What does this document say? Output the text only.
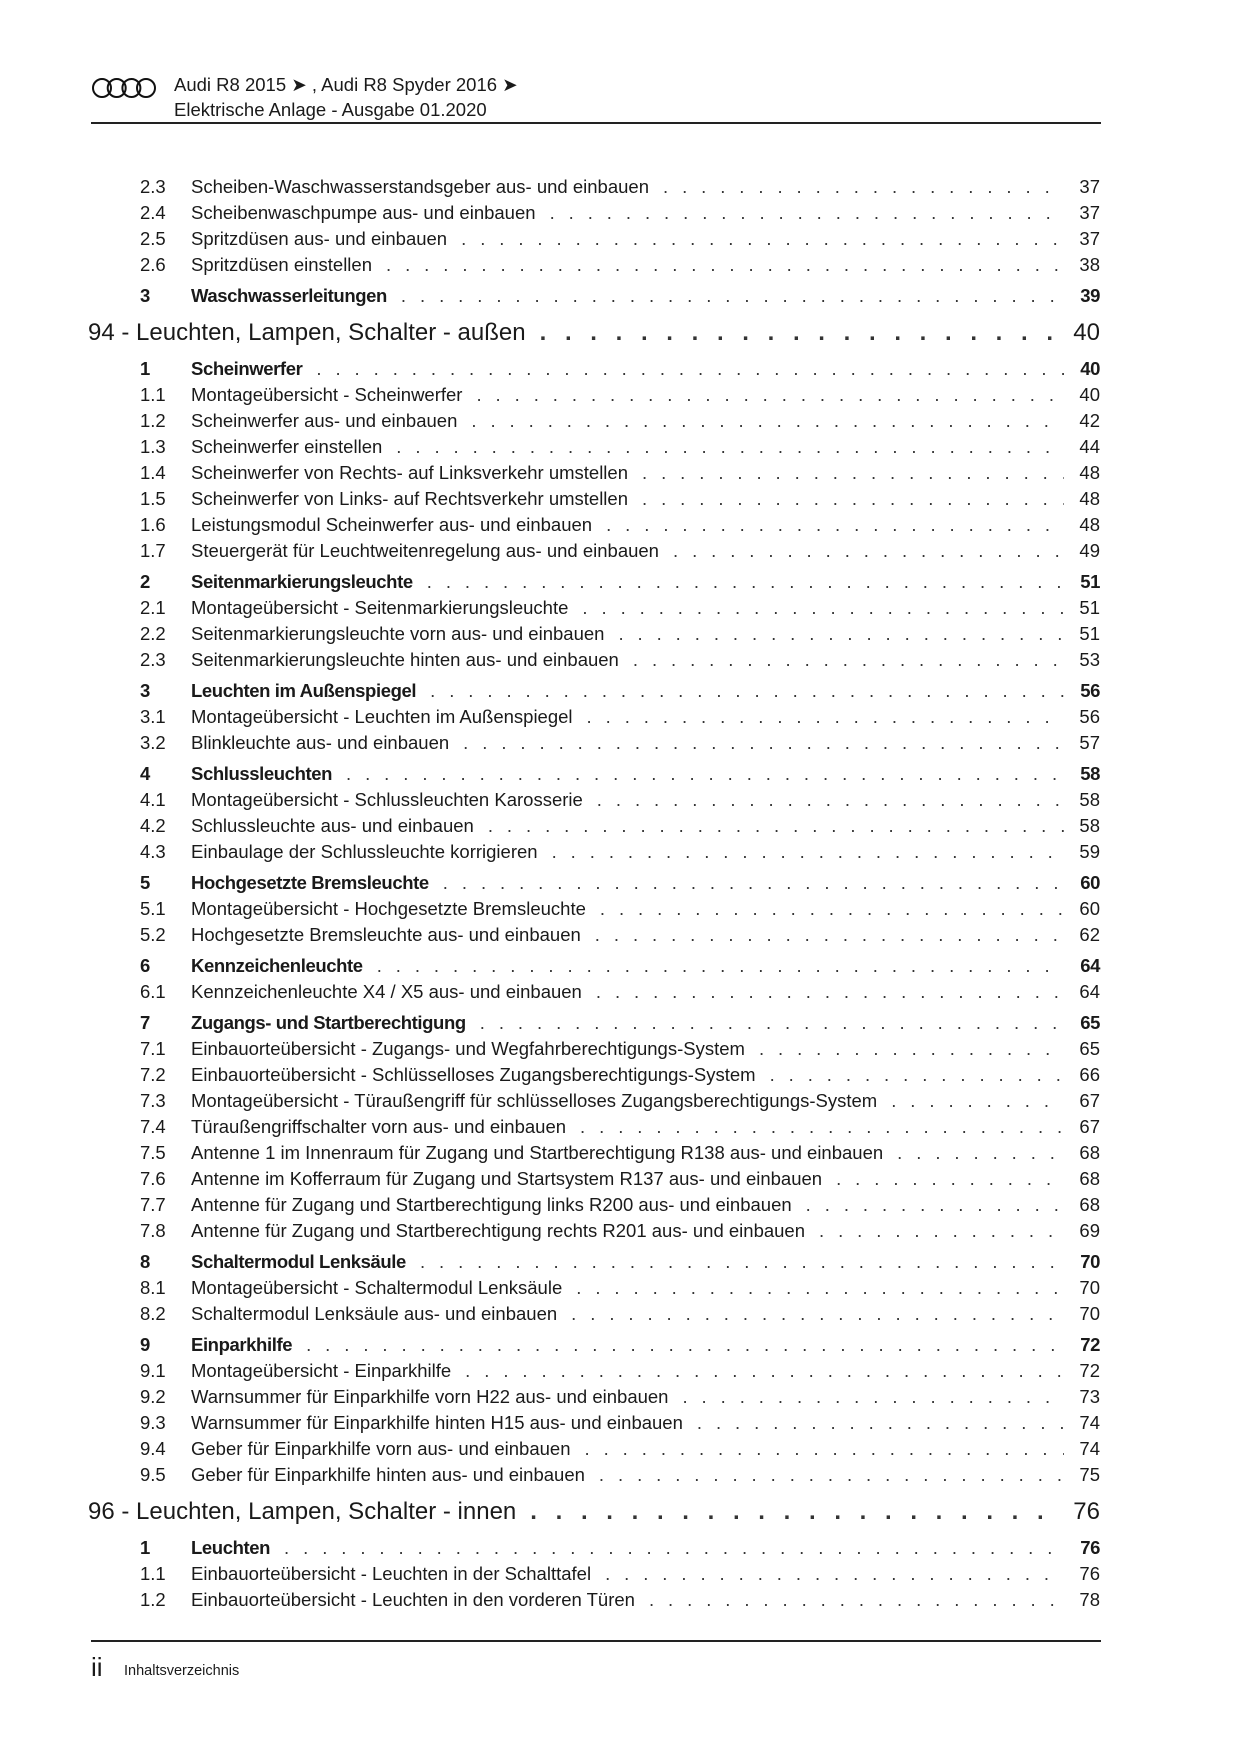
Audi R8 2015 ➤ , Audi R8 Spyder 2016 ➤
Elektrische Anlage - Ausgabe 01.2020
2.3	Scheiben-Waschwasserstandsgeber aus- und einbauen . . .	37
2.4	Scheibenwaschpumpe aus- und einbauen . . .	37
2.5	Spritzdüsen aus- und einbauen . . .	37
2.6	Spritzdüsen einstellen . . .	38
3	Waschwasserleitungen . . .	39
94 - Leuchten, Lampen, Schalter - außen . . .	40
1	Scheinwerfer . . .	40
1.1	Montageübersicht - Scheinwerfer . . .	40
1.2	Scheinwerfer aus- und einbauen . . .	42
1.3	Scheinwerfer einstellen . . .	44
1.4	Scheinwerfer von Rechts- auf Linksverkehr umstellen . . .	48
1.5	Scheinwerfer von Links- auf Rechtsverkehr umstellen . . .	48
1.6	Leistungsmodul Scheinwerfer aus- und einbauen . . .	48
1.7	Steuergerät für Leuchtweitenregelung aus- und einbauen . . .	49
2	Seitenmarkierungsleuchte . . .	51
2.1	Montageübersicht - Seitenmarkierungsleuchte . . .	51
2.2	Seitenmarkierungsleuchte vorn aus- und einbauen . . .	51
2.3	Seitenmarkierungsleuchte hinten aus- und einbauen . . .	53
3	Leuchten im Außenspiegel . . .	56
3.1	Montageübersicht - Leuchten im Außenspiegel . . .	56
3.2	Blinkleuchte aus- und einbauen . . .	57
4	Schlussleuchten . . .	58
4.1	Montageübersicht - Schlussleuchten Karosserie . . .	58
4.2	Schlussleuchte aus- und einbauen . . .	58
4.3	Einbaulage der Schlussleuchte korrigieren . . .	59
5	Hochgesetzte Bremsleuchte . . .	60
5.1	Montageübersicht - Hochgesetzte Bremsleuchte . . .	60
5.2	Hochgesetzte Bremsleuchte aus- und einbauen . . .	62
6	Kennzeichenleuchte . . .	64
6.1	Kennzeichenleuchte X4 / X5 aus- und einbauen . . .	64
7	Zugangs- und Startberechtigung . . .	65
7.1	Einbauorteübersicht - Zugangs- und Wegfahrberechtigungs-System . . .	65
7.2	Einbauorteübersicht - Schlüsselloses Zugangsberechtigungs-System . . .	66
7.3	Montageübersicht - Türaußengriff für schlüsselloses Zugangsberechtigungs-System . . .	67
7.4	Türaußengriffschalter vorn aus- und einbauen . . .	67
7.5	Antenne 1 im Innenraum für Zugang und Startberechtigung R138 aus- und einbauen . . .	68
7.6	Antenne im Kofferraum für Zugang und Startsystem R137 aus- und einbauen . . .	68
7.7	Antenne für Zugang und Startberechtigung links R200 aus- und einbauen . . .	68
7.8	Antenne für Zugang und Startberechtigung rechts R201 aus- und einbauen . . .	69
8	Schaltermodul Lenksäule . . .	70
8.1	Montageübersicht - Schaltermodul Lenksäule . . .	70
8.2	Schaltermodul Lenksäule aus- und einbauen . . .	70
9	Einparkhilfe . . .	72
9.1	Montageübersicht - Einparkhilfe . . .	72
9.2	Warnsummer für Einparkhilfe vorn H22 aus- und einbauen . . .	73
9.3	Warnsummer für Einparkhilfe hinten H15 aus- und einbauen . . .	74
9.4	Geber für Einparkhilfe vorn aus- und einbauen . . .	74
9.5	Geber für Einparkhilfe hinten aus- und einbauen . . .	75
96 - Leuchten, Lampen, Schalter - innen . . .	76
1	Leuchten . . .	76
1.1	Einbauorteübersicht - Leuchten in der Schalttafel . . .	76
1.2	Einbauorteübersicht - Leuchten in den vorderen Türen . . .	78
ii Inhaltsverzeichnis
